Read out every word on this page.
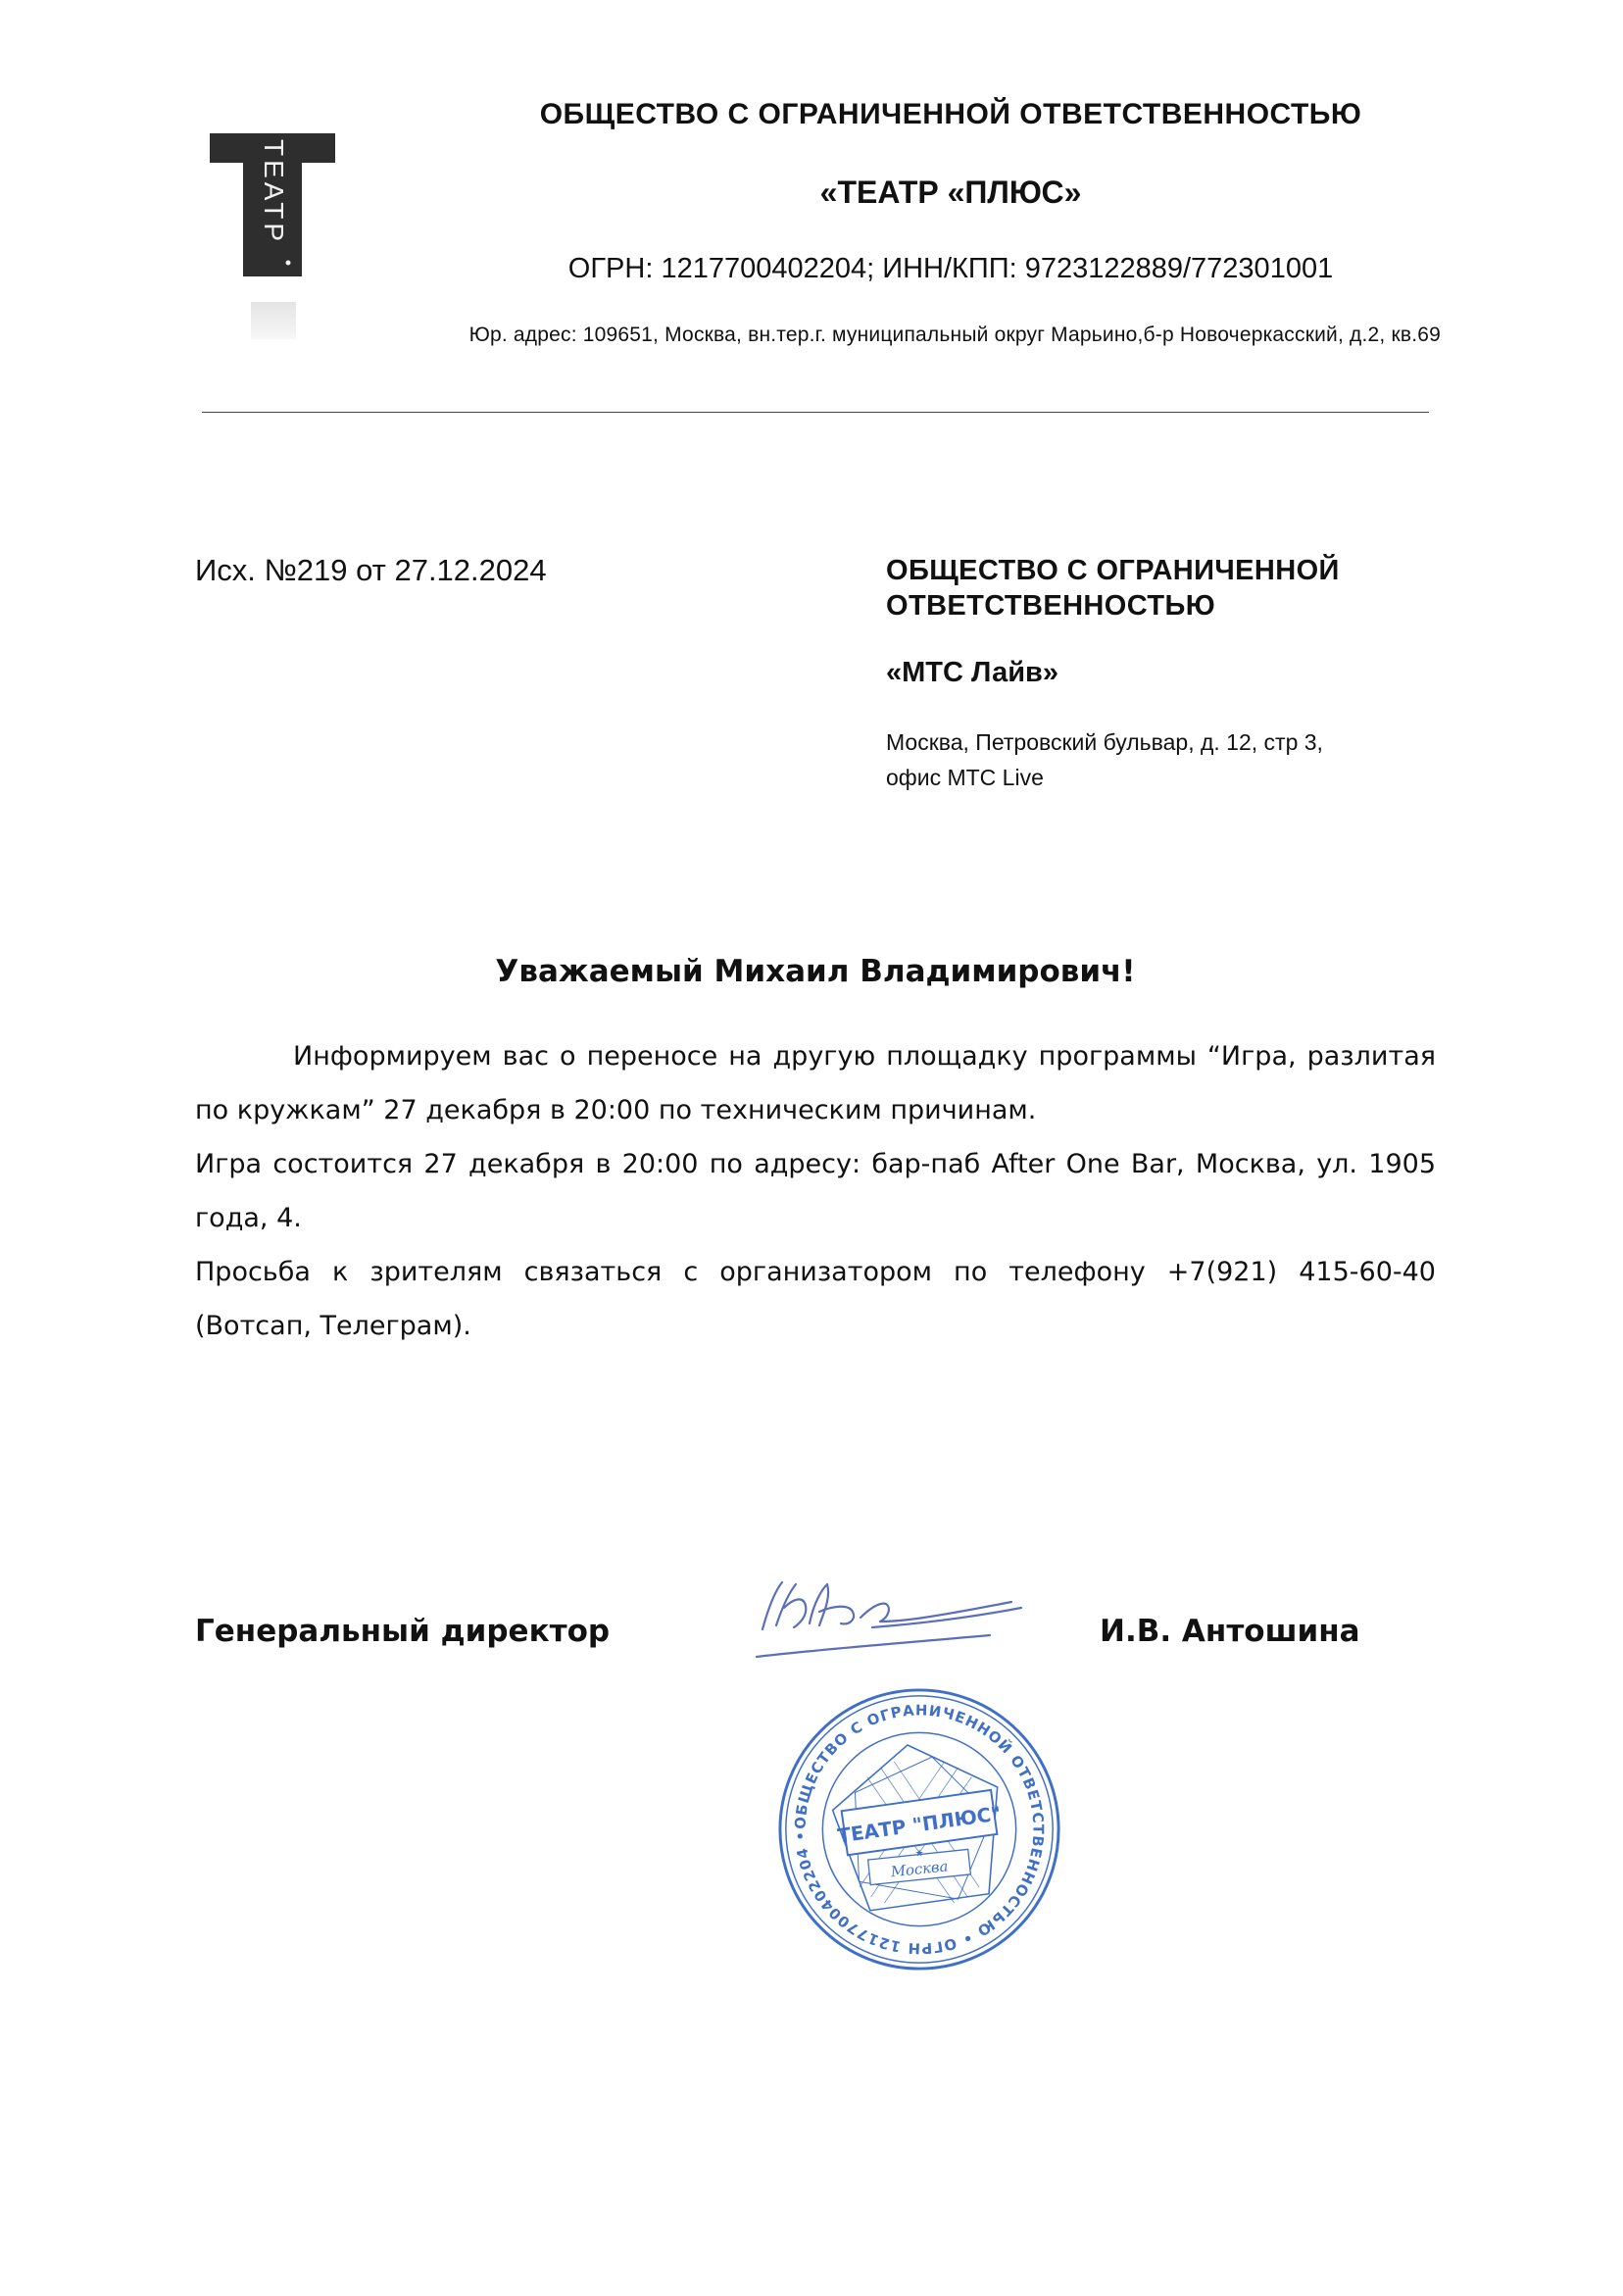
ТЕАТР
ОБЩЕСТВО С ОГРАНИЧЕННОЙ ОТВЕТСТВЕННОСТЬЮ
«ТЕАТР «ПЛЮС»
ОГРН: 1217700402204; ИНН/КПП: 9723122889/772301001
Юр. адрес: 109651, Москва, вн.тер.г. муниципальный округ Марьино,б-р Новочеркасский, д.2, кв.69
Исх. №219 от 27.12.2024	ОБЩЕСТВО С ОГРАНИЧЕННОЙ
ОТВЕТСТВЕННОСТЬЮ
«МТС Лайв»
Москва, Петровский бульвар, д. 12, стр 3,
офис МТС Live
Уважаемый Михаил Владимирович!

Информируем вас о переносе на другую площадку программы “Игра, разлитая по кружкам” 27 декабря в 20:00 по техническим причинам.

Игра состоится 27 декабря в 20:00 по адресу: бар-паб After One Bar, Москва, ул. 1905 года, 4.

Просьба к зрителям связаться с организатором по телефону +7(921) 415-60-40 (Вотсап, Телеграм).

Генеральный директор	И.В. Антошина
ОБЩЕСТВО С ОГРАНИЧЕННОЙ ОТВЕТСТВЕННОСТЬЮ • ОГРН 1217700402204 •	ТЕАТР "ПЛЮС"
Москва
★
